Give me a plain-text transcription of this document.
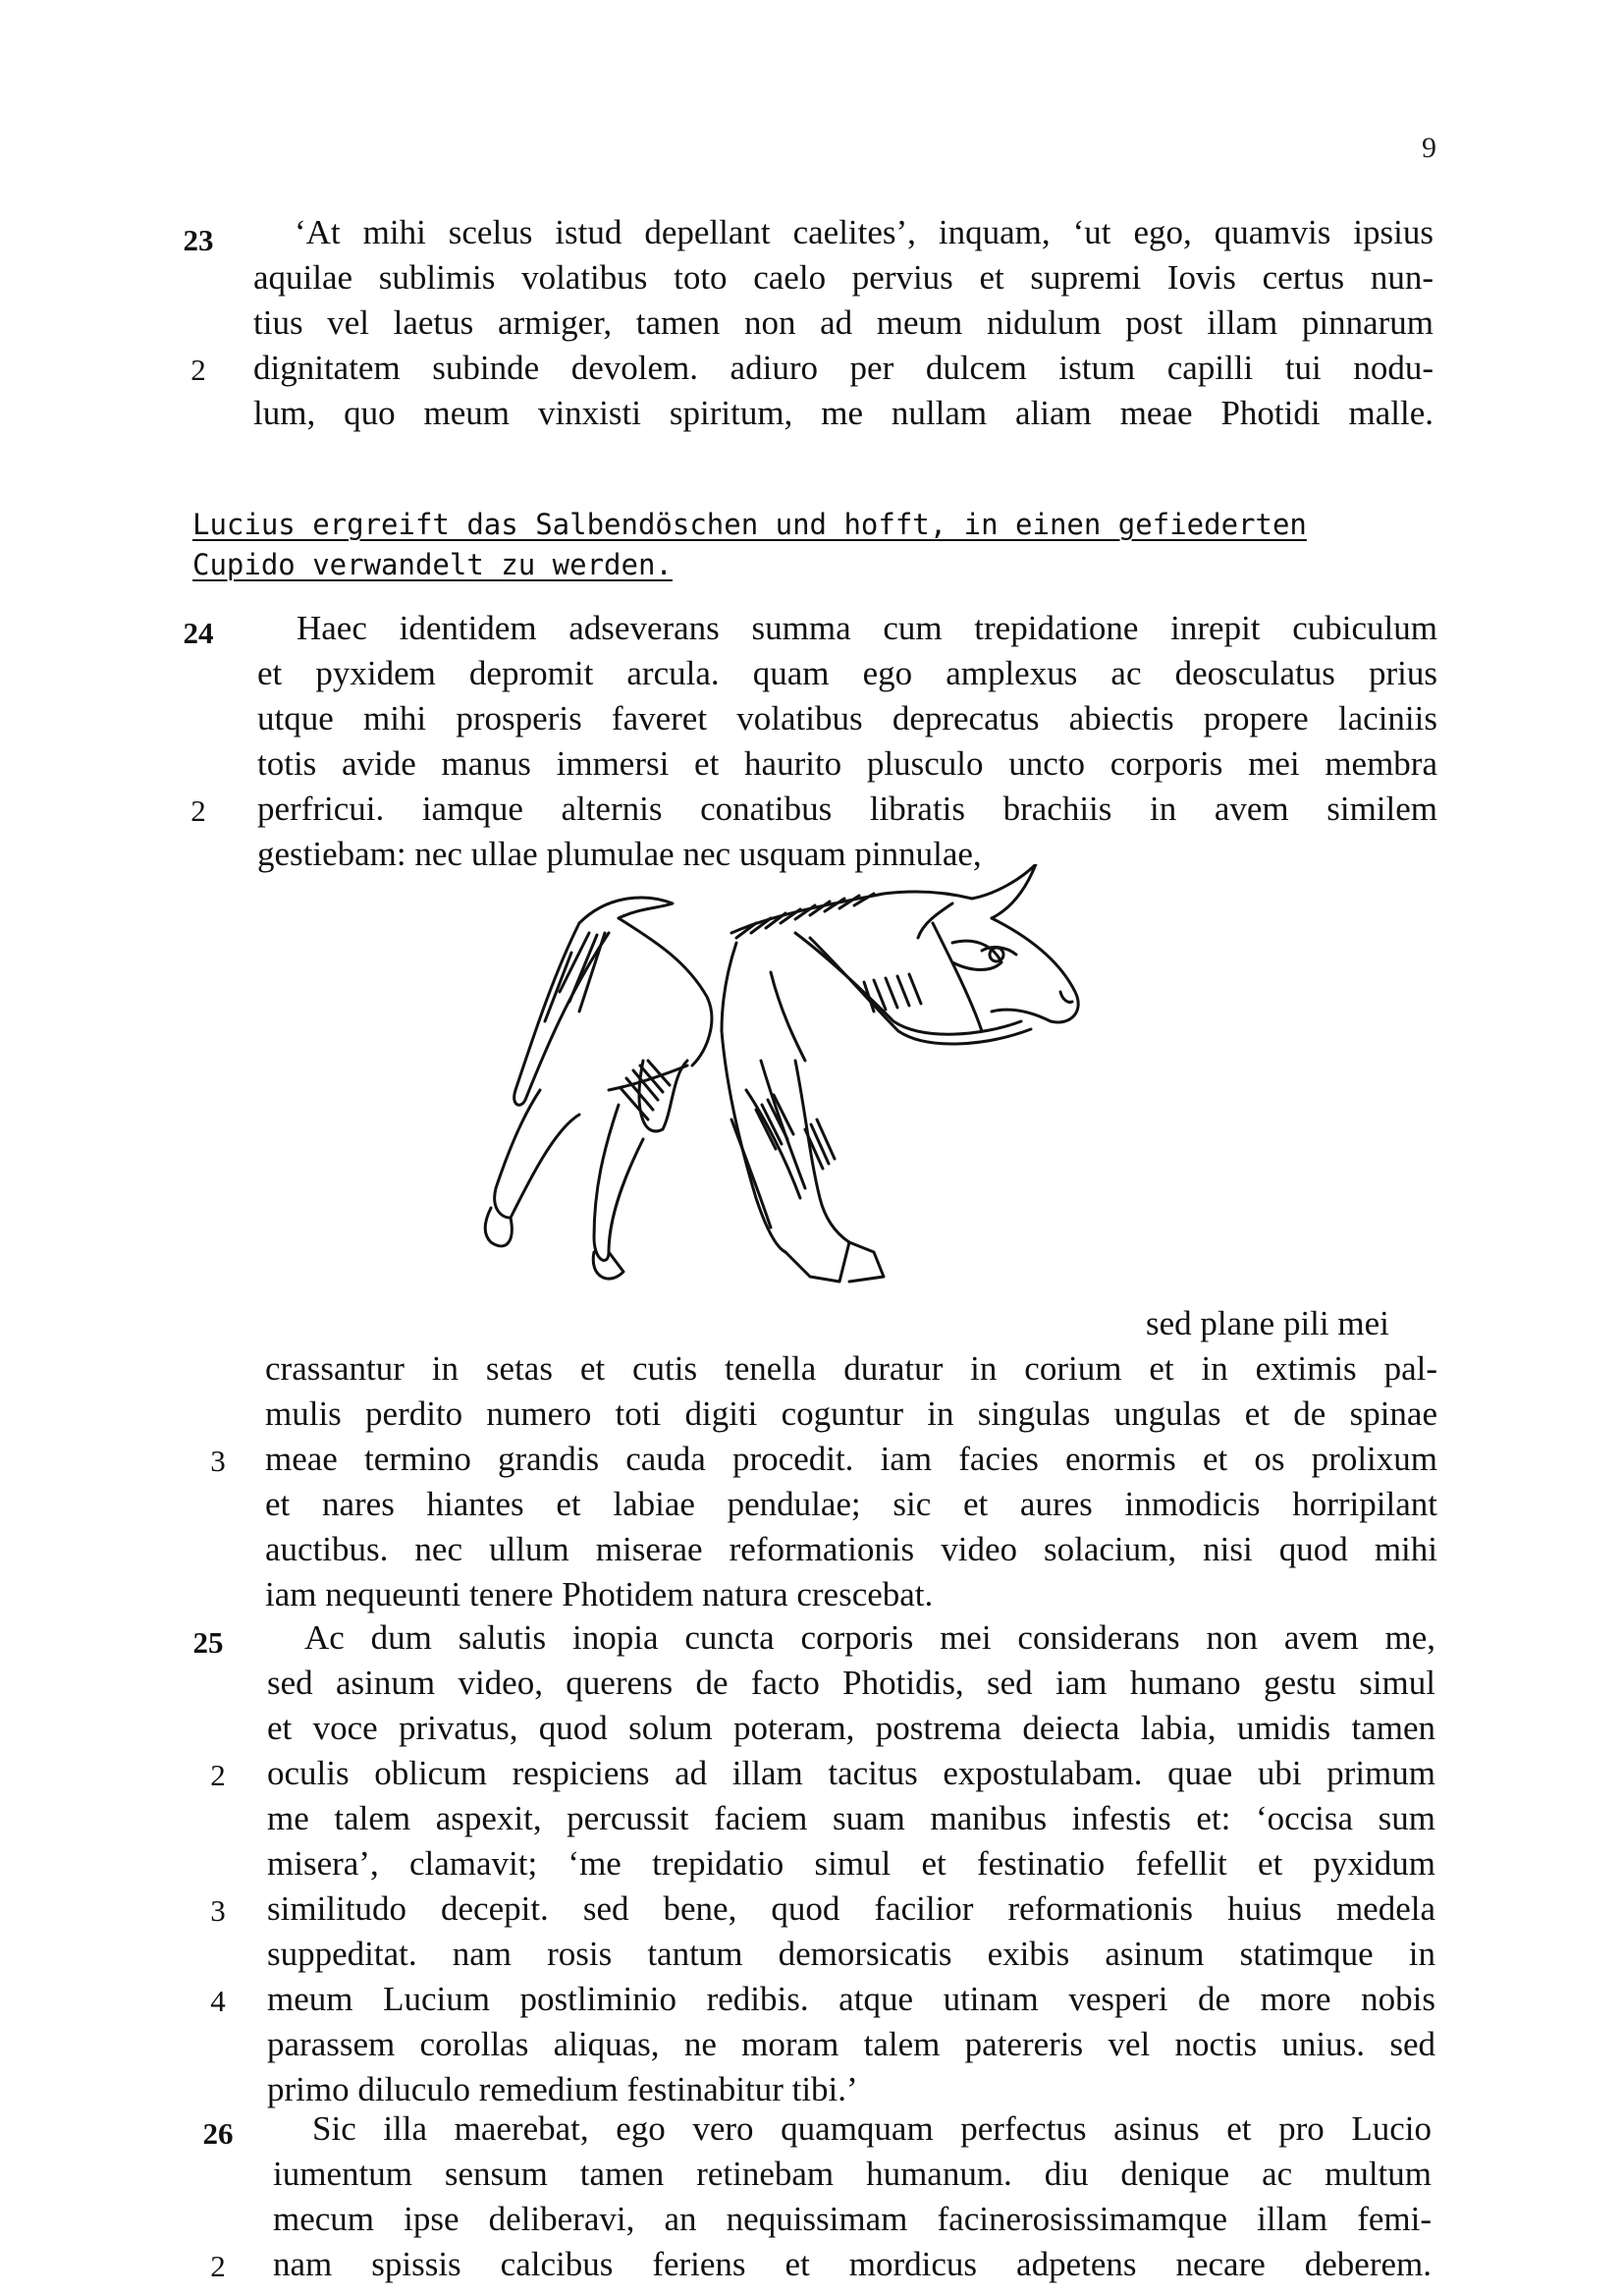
9
23	‘At mihi scelus istud depellant caelites’, inquam, ‘ut ego, quamvis ipsius
aquilae sublimis volatibus toto caelo pervius et supremi Iovis certus nun-
tius vel laetus armiger, tamen non ad meum nidulum post illam pinnarum
2	dignitatem subinde devolem. adiuro per dulcem istum capilli tui nodu-
lum, quo meum vinxisti spiritum, me nullam aliam meae Photidi malle.
Lucius ergreift das Salbendöschen und hofft, in einen gefiederten
Cupido verwandelt zu werden.
24	Haec identidem adseverans summa cum trepidatione inrepit cubiculum
et pyxidem depromit arcula. quam ego amplexus ac deosculatus prius
utque mihi prosperis faveret volatibus deprecatus abiectis propere laciniis
totis avide manus immersi et haurito plusculo uncto corporis mei membra
2	perfricui. iamque alternis conatibus libratis brachiis in avem similem
gestiebam: nec ullae plumulae nec usquam pinnulae,
sed plane pili mei
crassantur in setas et cutis tenella duratur in corium et in extimis pal-
mulis perdito numero toti digiti coguntur in singulas ungulas et de spinae
3	meae termino grandis cauda procedit. iam facies enormis et os prolixum
et nares hiantes et labiae pendulae; sic et aures inmodicis horripilant
auctibus. nec ullum miserae reformationis video solacium, nisi quod mihi
iam nequeunti tenere Photidem natura crescebat.
25	Ac dum salutis inopia cuncta corporis mei considerans non avem me,
sed asinum video, querens de facto Photidis, sed iam humano gestu simul
et voce privatus, quod solum poteram, postrema deiecta labia, umidis tamen
2	oculis oblicum respiciens ad illam tacitus expostulabam. quae ubi primum
me talem aspexit, percussit faciem suam manibus infestis et: ‘occisa sum
misera’, clamavit; ‘me trepidatio simul et festinatio fefellit et pyxidum
3	similitudo decepit. sed bene, quod facilior reformationis huius medela
suppeditat. nam rosis tantum demorsicatis exibis asinum statimque in
4	meum Lucium postliminio redibis. atque utinam vesperi de more nobis
parassem corollas aliquas, ne moram talem patereris vel noctis unius. sed
primo diluculo remedium festinabitur tibi.’
26	Sic illa maerebat, ego vero quamquam perfectus asinus et pro Lucio
iumentum sensum tamen retinebam humanum. diu denique ac multum
mecum ipse deliberavi, an nequissimam facinerosissimamque illam femi-
2	nam spissis calcibus feriens et mordicus adpetens necare deberem.
